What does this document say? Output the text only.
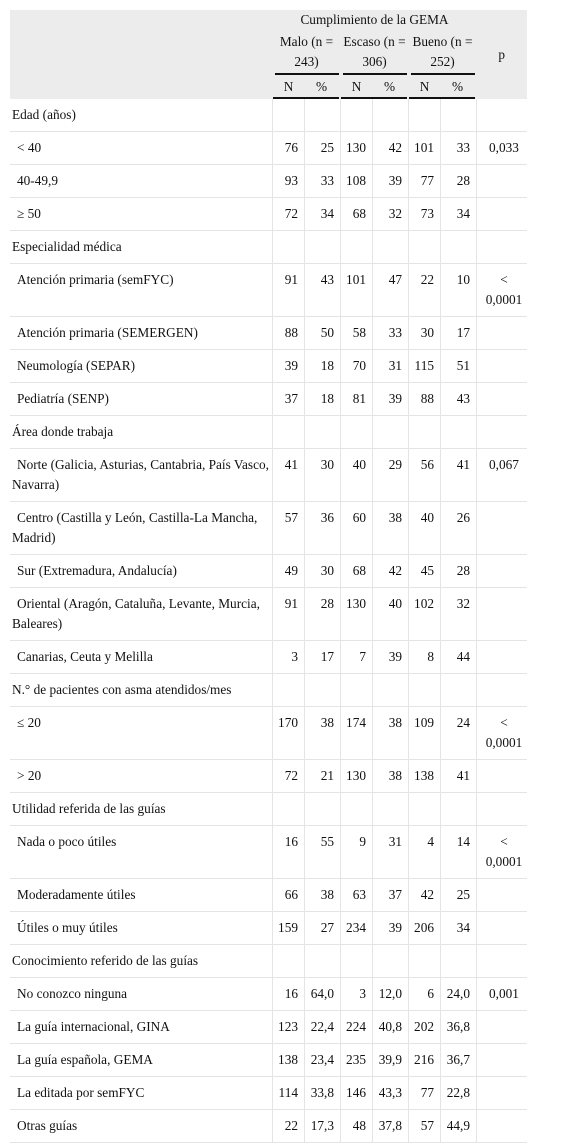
	Cumplimiento de la GEMA						p

	Malo (n = 243)		Escaso (n = 306)		Bueno (n = 252)		

	N	%	N	%	N	%	

Edad (años)							
< 40	76	25	130	42	101	33	0,033
40-49,9	93	33	108	39	77	28	
≥ 50	72	34	68	32	73	34	
Especialidad médica							
Atención primaria (semFYC)	91	43	101	47	22	10	< 0,0001
Atención primaria (SEMERGEN)	88	50	58	33	30	17	
Neumología (SEPAR)	39	18	70	31	115	51	
Pediatría (SENP)	37	18	81	39	88	43	
Área donde trabaja							
Norte (Galicia, Asturias, Cantabria, País Vasco, Navarra)	41	30	40	29	56	41	0,067
Centro (Castilla y León, Castilla-La Mancha, Madrid)	57	36	60	38	40	26	
Sur (Extremadura, Andalucía)	49	30	68	42	45	28	
Oriental (Aragón, Cataluña, Levante, Murcia, Baleares)	91	28	130	40	102	32	
Canarias, Ceuta y Melilla	3	17	7	39	8	44	
N.° de pacientes con asma atendidos/mes							
≤ 20	170	38	174	38	109	24	< 0,0001
> 20	72	21	130	38	138	41	
Utilidad referida de las guías							
Nada o poco útiles	16	55	9	31	4	14	< 0,0001
Moderadamente útiles	66	38	63	37	42	25	
Útiles o muy útiles	159	27	234	39	206	34	
Conocimiento referido de las guías							
No conozco ninguna	16	64,0	3	12,0	6	24,0	0,001
La guía internacional, GINA	123	22,4	224	40,8	202	36,8	
La guía española, GEMA	138	23,4	235	39,9	216	36,7	
La editada por semFYC	114	33,8	146	43,3	77	22,8	
Otras guías	22	17,3	48	37,8	57	44,9	
